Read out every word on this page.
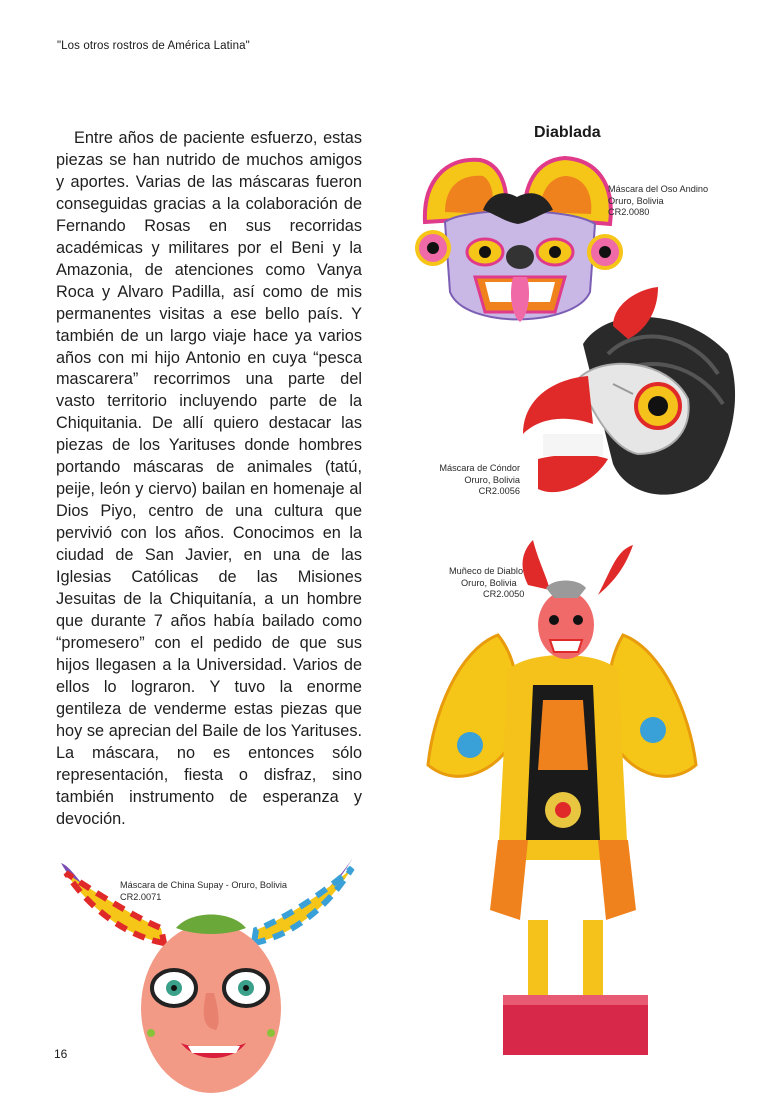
"Los otros rostros de América Latina"

Entre años de paciente esfuerzo, estas piezas se han nutrido de muchos amigos y aportes. Varias de las máscaras fueron conseguidas gracias a la colaboración de Fernando Rosas en sus recorridas académicas y militares por el Beni y la Amazonia, de atenciones como Vanya Roca y Alvaro Padilla, así como de mis permanentes visitas a ese bello país. Y también de un largo viaje hace ya varios años con mi hijo Antonio en cuya “pesca mascarera” recorrimos una parte del vasto territorio incluyendo parte de la Chiquitania. De allí quiero destacar las piezas de los Yarituses donde hombres portando máscaras de animales (tatú, peije, león y ciervo) bailan en homenaje al Dios Piyo, centro de una cultura que pervivió con los años. Conocimos en la ciudad de San Javier, en una de las Iglesias Católicas de las Misiones Jesuitas de la Chiquitanía, a un hombre que durante 7 años había bailado como “promesero” con el pedido de que sus hijos llegasen a la Universidad. Varios de ellos lo lograron. Y tuvo la enorme gentileza de venderme estas piezas que hoy se aprecian del Baile de los Yarituses. La máscara, no es entonces sólo representación, fiesta o disfraz, sino también instrumento de esperanza y devoción.

Diablada
Máscara del Oso Andino
Oruro, Bolivia
CR2.0080
Máscara de Cóndor
Oruro, Bolivia
CR2.0056
Muñeco de Diablo
Oruro, Bolivia
CR2.0050
Máscara de China Supay - Oruro, Bolivia
CR2.0071
16
